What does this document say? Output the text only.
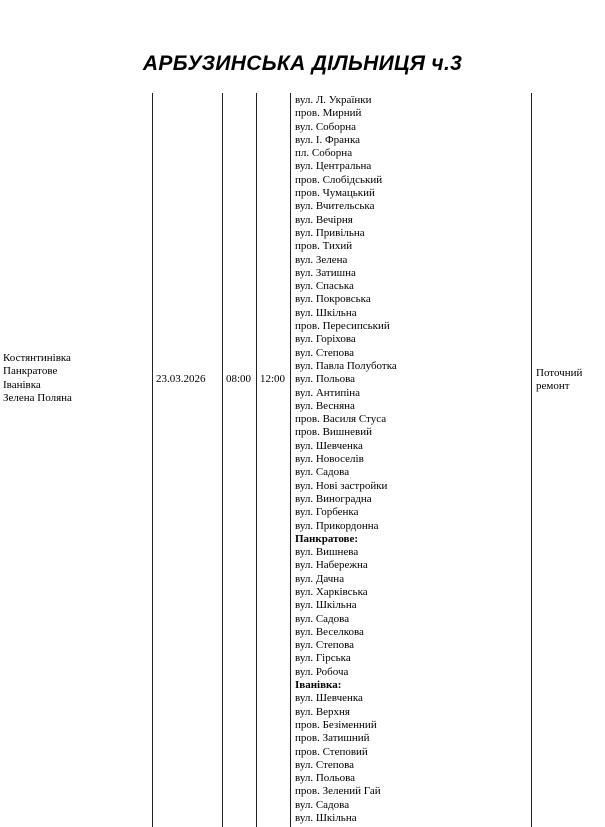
АРБУЗИНСЬКА ДІЛЬНИЦЯ ч.3
Костянтинівка
Панкратове
Іванівка
Зелена Поляна
23.03.2026 08:00 12:00
вул. Л. Українки
пров. Мирний
вул. Соборна
вул. І. Франка
пл. Соборна
вул. Центральна
пров. Слобідський
пров. Чумацький
вул. Вчительська
вул. Вечірня
вул. Привільна
пров. Тихий
вул. Зелена
вул. Затишна
вул. Спаська
вул. Покровська
вул. Шкільна
пров. Пересипський
вул. Горіхова
вул. Степова
вул. Павла Полуботка
вул. Польова
вул. Антипіна
вул. Весняна
пров. Василя Стуса
пров. Вишневий
вул. Шевченка
вул. Новоселів
вул. Садова
вул. Нові застройки
вул. Виноградна
вул. Горбенка
вул. Прикордонна
Панкратове:
вул. Вишнева
вул. Набережна
вул. Дачна
вул. Харківська
вул. Шкільна
вул. Садова
вул. Веселкова
вул. Степова
вул. Гірська
вул. Робоча
Іванівка:
вул. Шевченка
вул. Верхня
пров. Безіменний
пров. Затишний
пров. Степовий
вул. Степова
вул. Польова
пров. Зелений Гай
вул. Садова
вул. Шкільна
Поточний
ремонт
